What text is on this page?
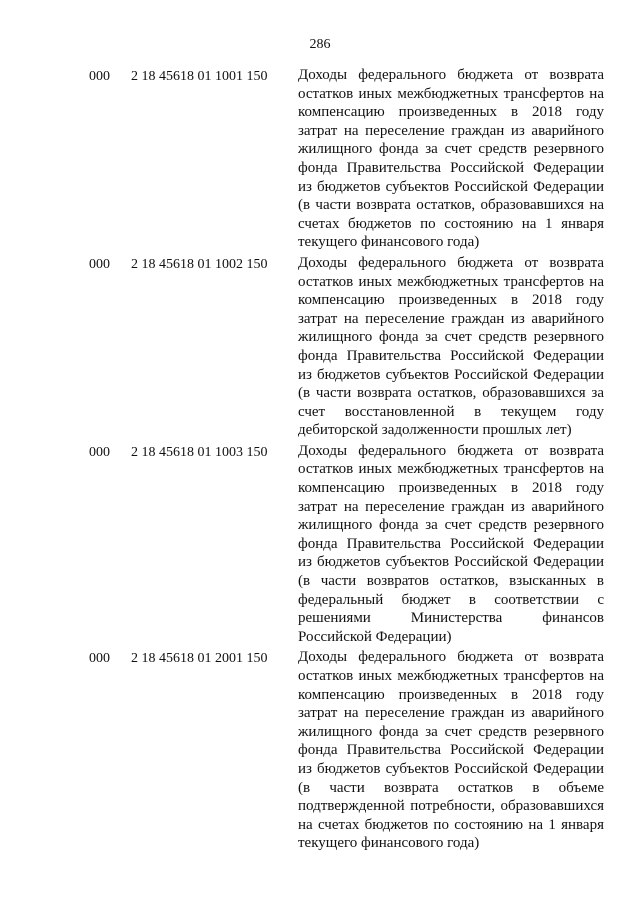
286
000 2 18 45618 01 1001 150 Доходы федерального бюджета от возврата остатков иных межбюджетных трансфертов на компенсацию произведенных в 2018 году затрат на переселение граждан из аварийного жилищного фонда за счет средств резервного фонда Правительства Российской Федерации из бюджетов субъектов Российской Федерации (в части возврата остатков, образовавшихся на счетах бюджетов по состоянию на 1 января текущего финансового года)
000 2 18 45618 01 1002 150 Доходы федерального бюджета от возврата остатков иных межбюджетных трансфертов на компенсацию произведенных в 2018 году затрат на переселение граждан из аварийного жилищного фонда за счет средств резервного фонда Правительства Российской Федерации из бюджетов субъектов Российской Федерации (в части возврата остатков, образовавшихся за счет восстановленной в текущем году дебиторской задолженности прошлых лет)
000 2 18 45618 01 1003 150 Доходы федерального бюджета от возврата остатков иных межбюджетных трансфертов на компенсацию произведенных в 2018 году затрат на переселение граждан из аварийного жилищного фонда за счет средств резервного фонда Правительства Российской Федерации из бюджетов субъектов Российской Федерации (в части возвратов остатков, взысканных в федеральный бюджет в соответствии с решениями Министерства финансов Российской Федерации)
000 2 18 45618 01 2001 150 Доходы федерального бюджета от возврата остатков иных межбюджетных трансфертов на компенсацию произведенных в 2018 году затрат на переселение граждан из аварийного жилищного фонда за счет средств резервного фонда Правительства Российской Федерации из бюджетов субъектов Российской Федерации (в части возврата остатков в объеме подтвержденной потребности, образовавшихся на счетах бюджетов по состоянию на 1 января текущего финансового года)
